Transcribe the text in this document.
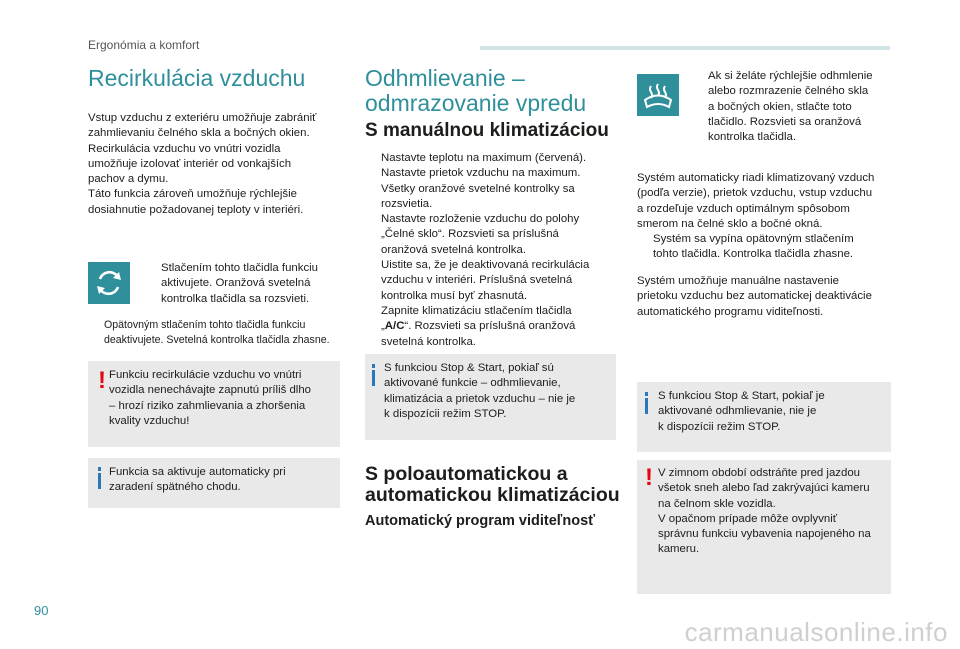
Ergonómia a komfort
Recirkulácia vzduchu

Vstup vzduchu z exteriéru umožňuje zabrániť

zahmlievaniu čelného skla a bočných okien.

Recirkulácia vzduchu vo vnútri vozidla

umožňuje izolovať interiér od vonkajších

pachov a dymu.

Táto funkcia zároveň umožňuje rýchlejšie

dosiahnutie požadovanej teploty v interiéri.

Stlačením tohto tlačidla funkciu
aktivujete. Oranžová svetelná
kontrolka tlačidla sa rozsvieti.
Opätovným stlačením tohto tlačidla funkciu
deaktivujete. Svetelná kontrolka tlačidla zhasne.
! Funkciu recirkulácie vzduchu vo vnútri

vozidla nenechávajte zapnutú príliš dlho

– hrozí riziko zahmlievania a zhoršenia

kvality vzduchu!

Funkcia sa aktivuje automaticky pri

zaradení spätného chodu.

Odhmlievanie –
odmrazovanie vpredu
S manuálnou klimatizáciou
Nastavte teplotu na maximum (červená).
Nastavte prietok vzduchu na maximum.
Všetky oranžové svetelné kontrolky sa
rozsvietia.
Nastavte rozloženie vzduchu do polohy
„Čelné sklo“. Rozsvieti sa príslušná
oranžová svetelná kontrolka.
Uistite sa, že je deaktivovaná recirkulácia
vzduchu v interiéri. Príslušná svetelná
kontrolka musí byť zhasnutá.
Zapnite klimatizáciu stlačením tlačidla
„A/C“. Rozsvieti sa príslušná oranžová
svetelná kontrolka.

S funkciou Stop & Start, pokiaľ sú

aktivované funkcie – odhmlievanie,

klimatizácia a prietok vzduchu – nie je

k dispozícii režim STOP.

S poloautomatickou a
automatickou klimatizáciou
Automatický program viditeľnosť
Ak si želáte rýchlejšie odhmlenie
alebo rozmrazenie čelného skla
a bočných okien, stlačte toto
tlačidlo. Rozsvieti sa oranžová
kontrolka tlačidla.

Systém automaticky riadi klimatizovaný vzduch

(podľa verzie), prietok vzduchu, vstup vzduchu

a rozdeľuje vzduch optimálnym spôsobom

smerom na čelné sklo a bočné okná.

Systém sa vypína opätovným stlačením
tohto tlačidla. Kontrolka tlačidla zhasne.

Systém umožňuje manuálne nastavenie

prietoku vzduchu bez automatickej deaktivácie

automatického programu viditeľnosti.

S funkciou Stop & Start, pokiaľ je

aktivované odhmlievanie, nie je

k dispozícii režim STOP.

! V zimnom období odstráňte pred jazdou

všetok sneh alebo ľad zakrývajúci kameru

na čelnom skle vozidla.

V opačnom prípade môže ovplyvniť

správnu funkciu vybavenia napojeného na

kameru.

90
carmanualsonline.info
